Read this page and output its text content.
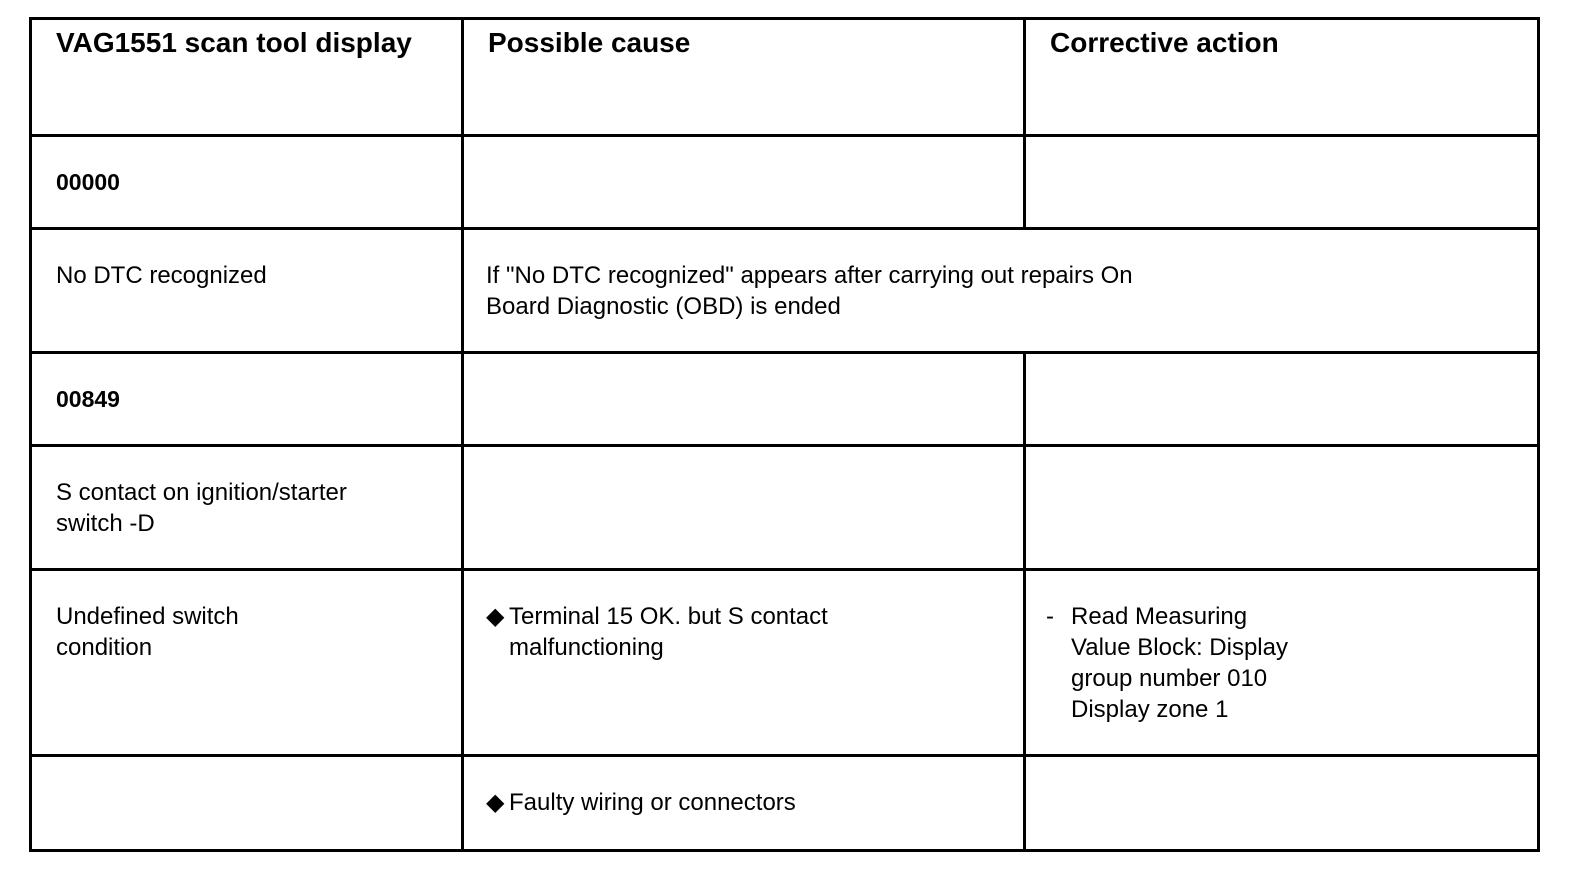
VAG1551 scan tool display	Possible cause	Corrective action

00000		

No DTC recognized	If "No DTC recognized" appears after carrying out repairs On Board Diagnostic (OBD) is ended	

00849		

S contact on ignition/starter switch -D		

Undefined switch condition	◆ Terminal 15 OK. but S contact malfunctioning	- Read Measuring
Value Block: Display
group number 010
Display zone 1

	◆ Faulty wiring or connectors	
